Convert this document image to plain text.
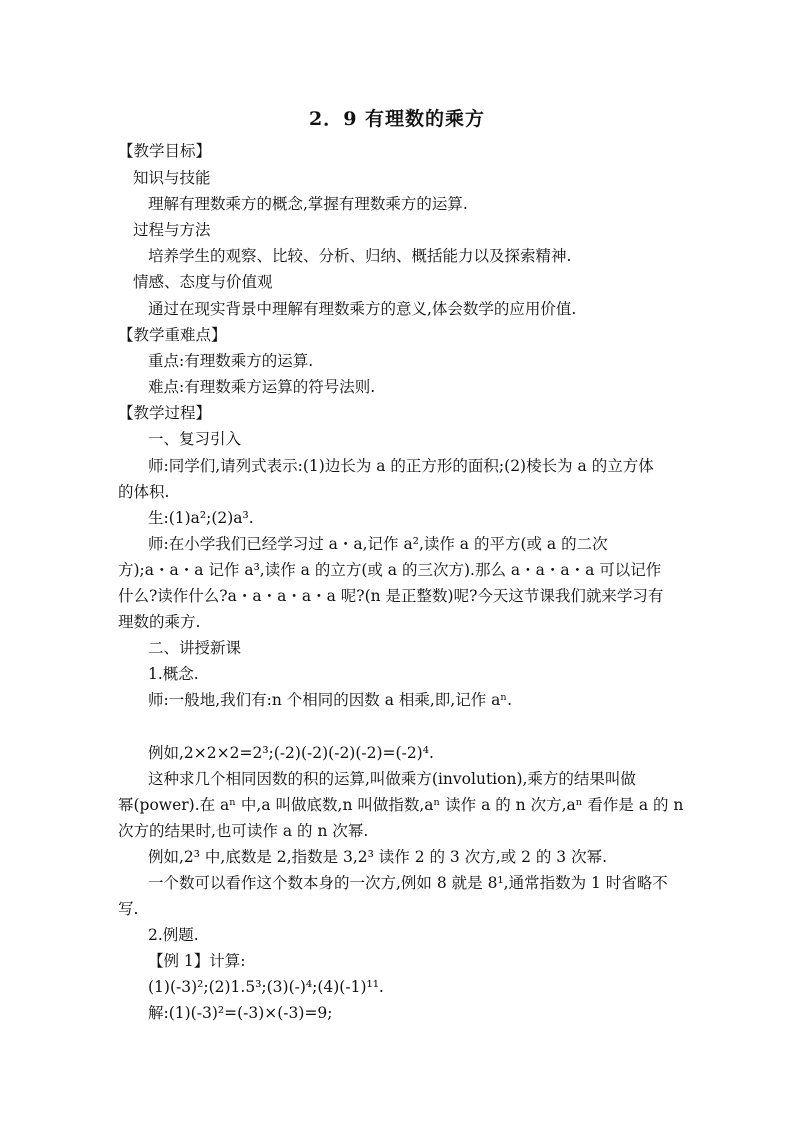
2．9 有理数的乘方
【教学目标】
知识与技能
理解有理数乘方的概念,掌握有理数乘方的运算.
过程与方法
培养学生的观察、比较、分析、归纳、概括能力以及探索精神.
情感、态度与价值观
通过在现实背景中理解有理数乘方的意义,体会数学的应用价值.
【教学重难点】
重点:有理数乘方的运算.
难点:有理数乘方运算的符号法则.
【教学过程】
一、复习引入
师:同学们,请列式表示:(1)边长为 a 的正方形的面积;(2)棱长为 a 的立方体
的体积.
生:(1)a²;(2)a³.
师:在小学我们已经学习过 a・a,记作 a²,读作 a 的平方(或 a 的二次
方);a・a・a 记作 a³,读作 a 的立方(或 a 的三次方).那么 a・a・a・a 可以记作
什么?读作什么?a・a・a・a・a 呢?(n 是正整数)呢?今天这节课我们就来学习有
理数的乘方.
二、讲授新课
1.概念.
师:一般地,我们有:n 个相同的因数 a 相乘,即,记作 aⁿ.
例如,2×2×2=2³;(-2)(-2)(-2)(-2)=(-2)⁴.
这种求几个相同因数的积的运算,叫做乘方(involution),乘方的结果叫做
幂(power).在 aⁿ 中,a 叫做底数,n 叫做指数,aⁿ 读作 a 的 n 次方,aⁿ 看作是 a 的 n
次方的结果时,也可读作 a 的 n 次幂.
例如,2³ 中,底数是 2,指数是 3,2³ 读作 2 的 3 次方,或 2 的 3 次幂.
一个数可以看作这个数本身的一次方,例如 8 就是 8¹,通常指数为 1 时省略不
写.
2.例题.
【例 1】计算:
(1)(-3)²;(2)1.5³;(3)(-)⁴;(4)(-1)¹¹.
解:(1)(-3)²=(-3)×(-3)=9;
